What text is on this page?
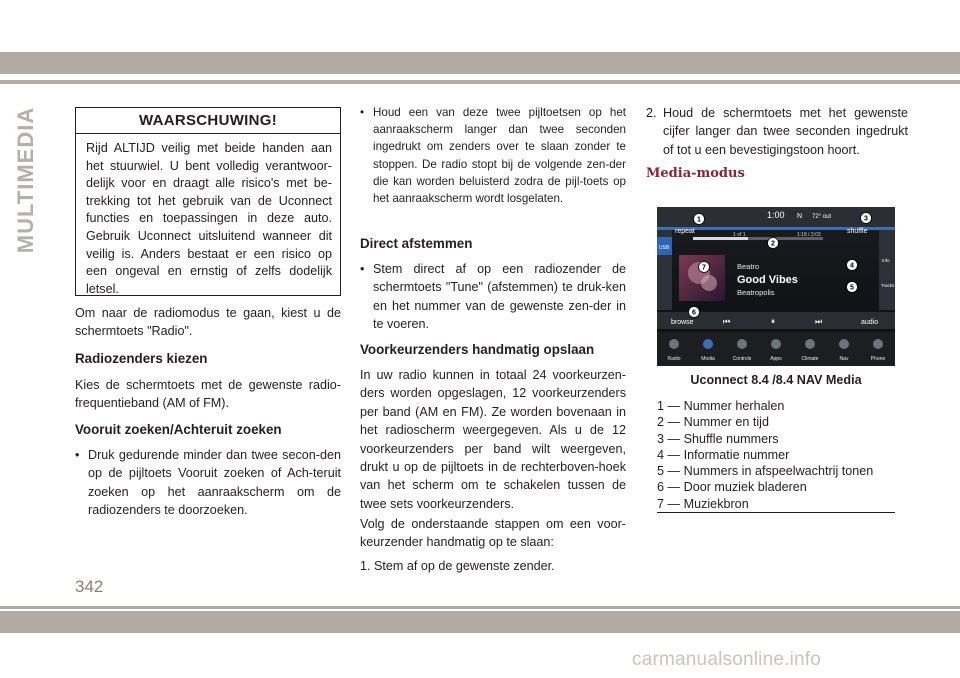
MULTIMEDIA	WAARSCHUWING!
Rijd ALTIJD veilig met beide handen aan het stuurwiel. U bent volledig verantwoor-delijk voor en draagt alle risico's met be-trekking tot het gebruik van de Uconnect functies en toepassingen in deze auto. Gebruik Uconnect uitsluitend wanneer dit veilig is. Anders bestaat er een risico op een ongeval en ernstig of zelfs dodelijk letsel.
Om naar de radiomodus te gaan, kiest u de schermtoets "Radio".
Radiozenders kiezen
Kies de schermtoets met de gewenste radio-frequentieband (AM of FM).
Vooruit zoeken/Achteruit zoeken
• Druk gedurende minder dan twee secon-den op de pijltoets Vooruit zoeken of Ach-teruit zoeken op het aanraakscherm om de radiozenders te doorzoeken.
• Houd een van deze twee pijltoetsen op het aanraakscherm langer dan twee seconden ingedrukt om zenders over te slaan zonder te stoppen. De radio stopt bij de volgende zen-der die kan worden beluisterd zodra de pijl-toets op het aanraakscherm wordt losgelaten.
Direct afstemmen
• Stem direct af op een radiozender de schermtoets "Tune" (afstemmen) te druk-ken en het nummer van de gewenste zen-der in te voeren.
Voorkeurzenders handmatig opslaan
In uw radio kunnen in totaal 24 voorkeurzen-ders worden opgeslagen, 12 voorkeurzenders per band (AM en FM). Ze worden bovenaan in het radioscherm weergegeven. Als u de 12 voorkeurzenders per band wilt weergeven, drukt u op de pijltoets in de rechterboven-hoek van het scherm om te schakelen tussen de twee sets voorkeurzenders.
Volg de onderstaande stappen om een voor-keurzender handmatig op te slaan:
1. Stem af op de gewenste zender.
2. Houd de schermtoets met het gewenste cijfer langer dan twee seconden ingedrukt of tot u een bevestigingstoon hoort.
Media-modus
repeat
1:00 N 72° out
shuffle
1 of 1	1:18 / 3:03
USB
Info
Tracks
Beatro
Good Vibes
Beatropolis
browse	⏮	⏸	⏭	audio
Radio	Media	Controls	Apps	Climate	Nav	Phone
1
2
3
4
5
6
7
Uconnect 8.4 /8.4 NAV Media
1 — Nummer herhalen
2 — Nummer en tijd
3 — Shuffle nummers
4 — Informatie nummer
5 — Nummers in afspeelwachtrij tonen
6 — Door muziek bladeren
7 — Muziekbron
342
carmanualsonline.info
